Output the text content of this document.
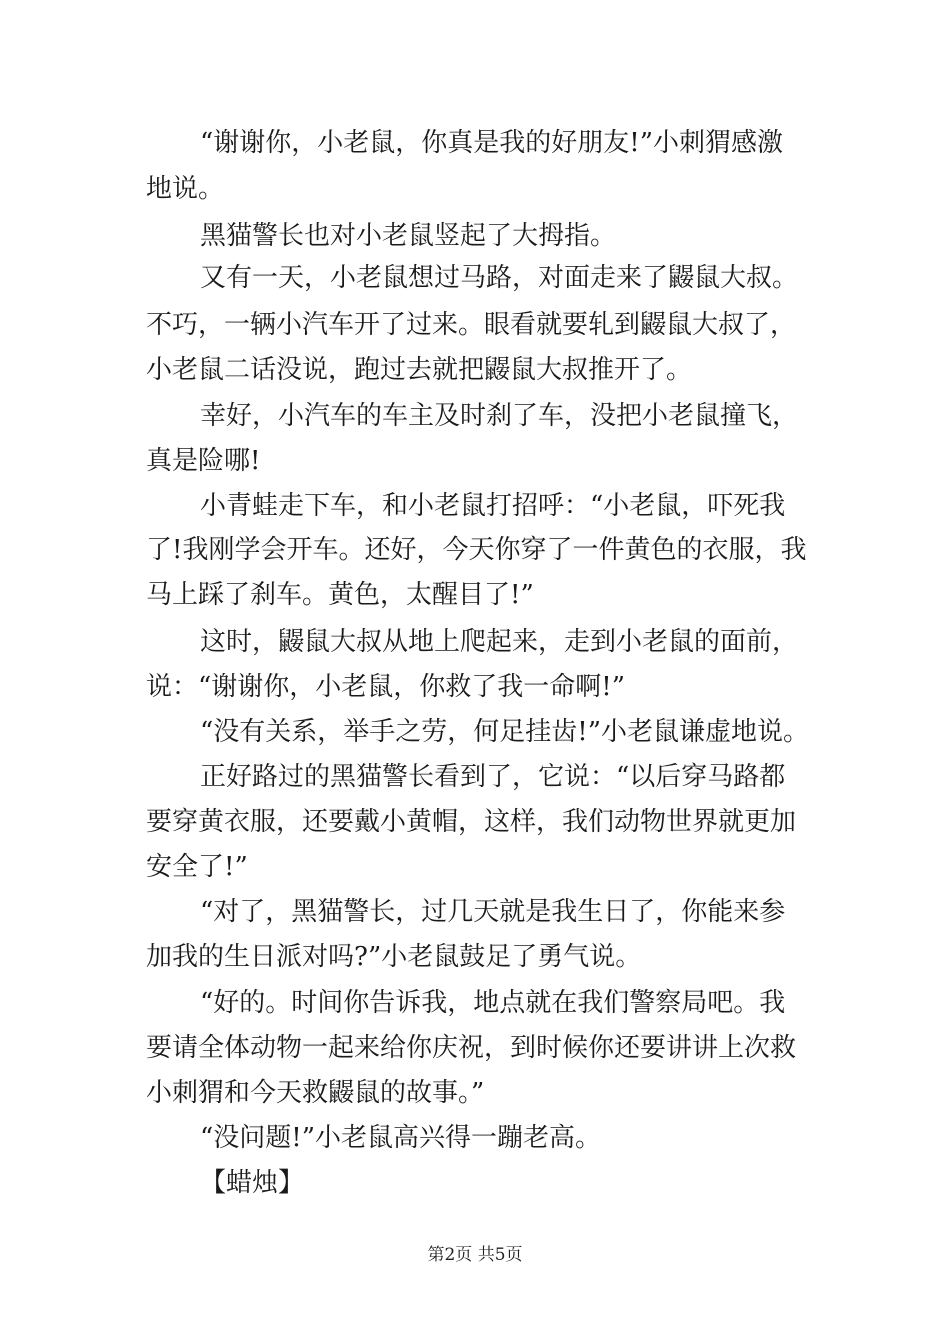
“谢谢你，小老鼠，你真是我的好朋友!”小刺猬感激
地说。
黑猫警长也对小老鼠竖起了大拇指。
又有一天，小老鼠想过马路，对面走来了鼹鼠大叔。
不巧，一辆小汽车开了过来。眼看就要轧到鼹鼠大叔了，
小老鼠二话没说，跑过去就把鼹鼠大叔推开了。
幸好，小汽车的车主及时刹了车，没把小老鼠撞飞，
真是险哪!
小青蛙走下车，和小老鼠打招呼：“小老鼠，吓死我
了!我刚学会开车。还好，今天你穿了一件黄色的衣服，我
马上踩了刹车。黄色，太醒目了!”
这时，鼹鼠大叔从地上爬起来，走到小老鼠的面前，
说：“谢谢你，小老鼠，你救了我一命啊!”
“没有关系，举手之劳，何足挂齿!”小老鼠谦虚地说。
正好路过的黑猫警长看到了，它说：“以后穿马路都
要穿黄衣服，还要戴小黄帽，这样，我们动物世界就更加
安全了!”
“对了，黑猫警长，过几天就是我生日了，你能来参
加我的生日派对吗?”小老鼠鼓足了勇气说。
“好的。时间你告诉我，地点就在我们警察局吧。我
要请全体动物一起来给你庆祝，到时候你还要讲讲上次救
小刺猬和今天救鼹鼠的故事。”
“没问题!”小老鼠高兴得一蹦老高。
【蜡烛】
第2页 共5页
